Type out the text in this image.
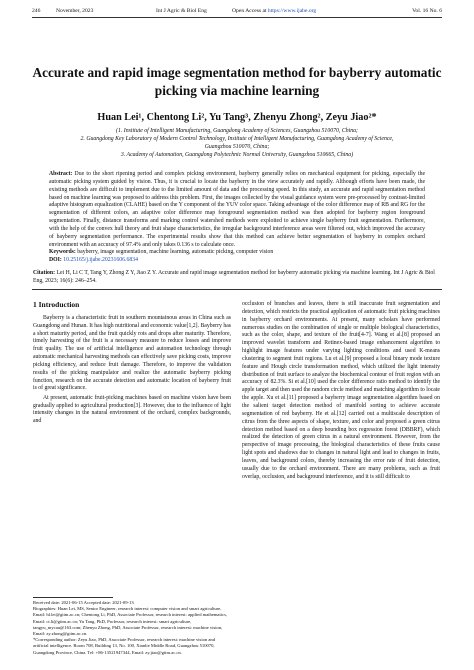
246	November, 2023	Int J Agric & Biol Eng	Open Access at https://www.ijabe.org	Vol. 16 No. 6
Accurate and rapid image segmentation method for bayberry automatic
picking via machine learning
Huan Lei¹, Chentong Li², Yu Tang³, Zhenyu Zhong², Zeyu Jiao²*
(1. Institute of Intelligent Manufacturing, Guangdong Academy of Sciences, Guangzhou 510070, China;
2. Guangdong Key Laboratory of Modern Control Technology, Institute of Intelligent Manufacturing, Guangdong Academy of Science,
Guangzhou 510070, China;
3. Academy of Automation, Guangdong Polytechnic Normal University, Guangzhou 510665, China)

Abstract: Due to the short ripening period and complex picking environment, bayberry generally relies on mechanical equipment for picking, especially the automatic picking system guided by vision. Thus, it is crucial to locate the bayberry in the view accurately and rapidly. Although efforts have been made, the existing methods are difficult to implement due to the limited amount of data and the processing speed. In this study, an accurate and rapid segmentation method based on machine learning was proposed to address this problem. First, the images collected by the visual guidance system were pre-processed by contrast-limited adaptive histogram equalization (CLAHE) based on the Y component of the YUV color space. Taking advantage of the color difference map of RB and RG for the segmentation of different colors, an adaptive color difference map foreground segmentation method was then adopted for bayberry region foreground segmentation. Finally, distance transforms and marking control watershed methods were exploited to achieve single bayberry fruit segmentation. Furthermore, with the help of the convex hull theory and fruit shape characteristics, the irregular background interference areas were filtered out, which improved the accuracy of bayberry segmentation performance. The experimental results show that this method can achieve better segmentation of bayberry in complex orchard environment with an accuracy of 97.4% and only takes 0.136 s to calculate once.

Keywords: bayberry, image segmentation, machine learning, automatic picking, computer vision

DOI: 10.25165/j.ijabe.20231606.6834

Citation: Lei H, Li C T, Tang Y, Zhong Z Y, Jiao Z Y. Accurate and rapid image segmentation method for bayberry automatic picking via machine learning. Int J Agric & Biol Eng, 2023; 16(6): 246–254.
1 Introduction

Bayberry is a characteristic fruit in southern mountainous areas in China such as Guangdong and Hunan. It has high nutritional and economic value[1,2]. Bayberry has a short maturity period, and the fruit quickly rots and drops after maturity. Therefore, timely harvesting of the fruit is a necessary measure to reduce losses and improve fruit quality. The use of artificial intelligence and automation technology through automatic mechanical harvesting methods can effectively save picking costs, improve picking efficiency, and reduce fruit damage. Therefore, to improve the validation results of the picking manipulator and realize the automatic bayberry picking function, research on the accurate detection and automatic location of bayberry fruit is of great significance.

At present, automatic fruit-picking machines based on machine vision have been gradually applied to agricultural production[3]. However, due to the influence of light intensity changes in the natural environment of the orchard, complex backgrounds, and

occlusion of branches and leaves, there is still inaccurate fruit segmentation and detection, which restricts the practical application of automatic fruit picking machines in bayberry orchard environments. At present, many scholars have performed numerous studies on the combination of single or multiple biological characteristics, such as the color, shape, and texture of the fruit[4-7]. Wang et al.[8] proposed an improved wavelet transform and Retinex-based image enhancement algorithm to highlight image features under varying lighting conditions and used K-means clustering to segment fruit regions. Lu et al.[9] proposed a local binary mode texture feature and Hough circle transformation method, which utilized the light intensity distribution of fruit surface to analyze the biochemical contour of fruit region with an accuracy of 82.3%. Si et al.[10] used the color difference ratio method to identify the apple target and then used the random circle method and matching algorithm to locate the apple. Xu et al.[11] proposed a bayberry image segmentation algorithm based on the salient target detection method of manifold sorting to achieve accurate segmentation of red bayberry. He et al.[12] carried out a multiscale description of citrus from the three aspects of shape, texture, and color and proposed a green citrus detection method based on a deep bounding box regression forest (DBBRF), which realized the detection of green citrus in a natural environment. However, from the perspective of image processing, the biological characteristics of these fruits cause light spots and shadows due to changes in natural light and lead to changes in fruits, leaves, and background colors, thereby increasing the error rate of fruit detection, usually due to the orchard environment. There are many problems, such as fruit overlap, occlusion, and background interference, and it is still difficult to

Received date: 2021-06-15 Accepted date: 2021-09-13

Biographies: Huan Lei, MS, Senior Engineer, research interest: computer vision and smart agriculture, Email: hl.lei@giim.ac.cn; Chentong Li, PhD, Associate Professor, research interest: applied mathematics, Email: ct.li@giim.ac.cn; Yu Tang, PhD, Professor, research interest: smart agriculture, tangyu_mycau@163.com; Zhenyu Zhong, PhD, Associate Professor, research interest: machine vision, Email: zy.zhong@giim.ac.cn.

*Corresponding author: Zeyu Jiao, PhD, Associate Professor, research interest: machine vision and artificial intelligence. Room 708, Building 13, No. 100, Xianlie Middle Road, Guangzhou 510070, Guangdong Province, China. Tel: +86-13521947344, Email: zy.jiao@giim.ac.cn.
